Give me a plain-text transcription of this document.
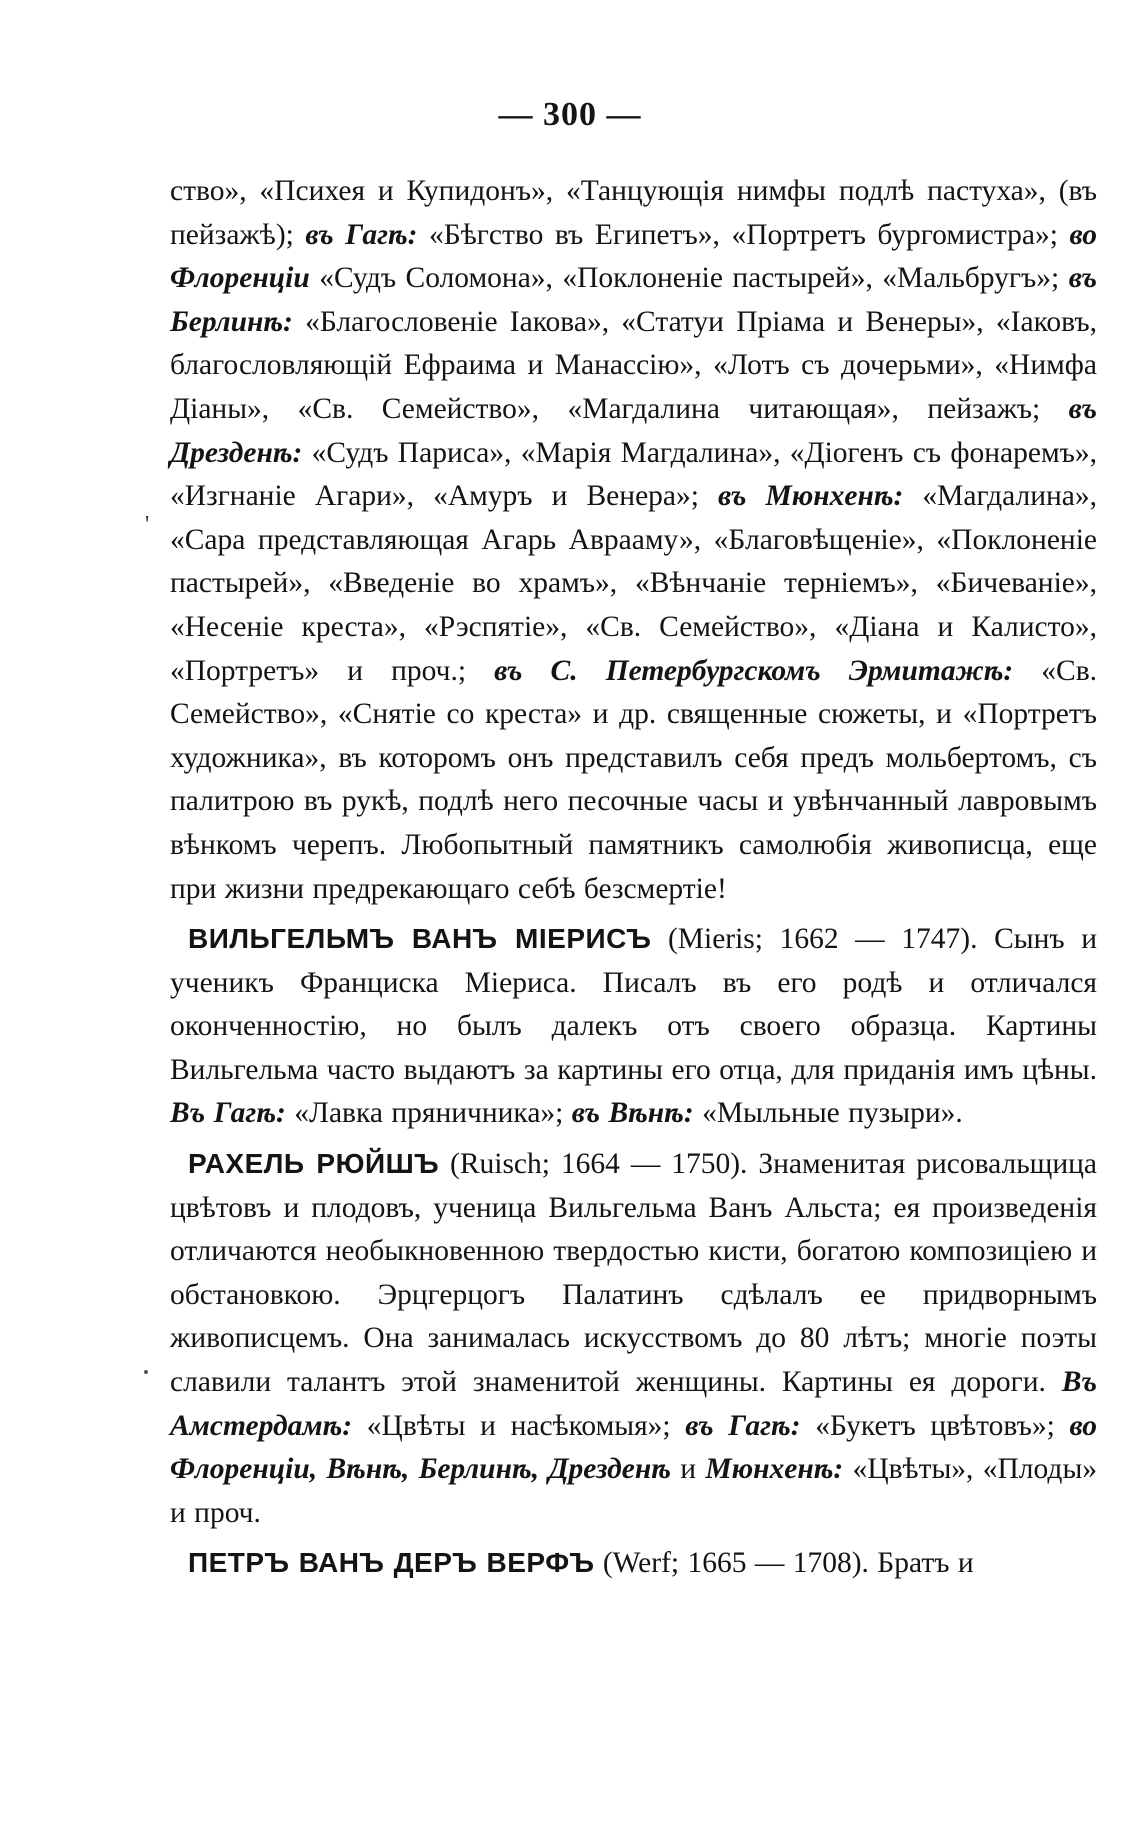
— 300 —
'

ство», «Психея и Купидонъ», «Танцующія нимфы подлѣ пастуха», (въ пейзажѣ); въ Гагѣ: «Бѣгство въ Египетъ», «Портретъ бургомистра»; во Флоренціи «Судъ Соломона», «Поклоненіе пастырей», «Мальбругъ»; въ Берлинѣ: «Благословеніе Іакова», «Статуи Пріама и Венеры», «Іаковъ, благословляющій Ефраима и Манассію», «Лотъ съ дочерьми», «Нимфа Діаны», «Св. Семейство», «Магдалина читающая», пейзажъ; въ Дрезденѣ: «Судъ Париса», «Марія Магдалина», «Діогенъ съ фонаремъ», «Изгнаніе Агари», «Амуръ и Венера»; въ Мюнхенѣ: «Магдалина», «Сара представляющая Агарь Аврааму», «Благовѣщеніе», «Поклоненіе пастырей», «Введеніе во храмъ», «Вѣнчаніе терніемъ», «Бичеваніе», «Несеніе креста», «Рэспятіе», «Св. Семейство», «Діана и Калисто», «Портретъ» и проч.; въ С. Петербургскомъ Эрмитажѣ: «Св. Семейство», «Снятіе со креста» и др. священные сюжеты, и «Портретъ художника», въ которомъ онъ представилъ себя предъ мольбертомъ, съ палитрою въ рукѣ, подлѣ него песочные часы и увѣнчанный лавровымъ вѣнкомъ черепъ. Любопытный памятникъ самолюбія живописца, еще при жизни предрекающаго себѣ безсмертіе!

ВИЛЬГЕЛЬМЪ ВАНЪ МІЕРИСЪ (Mieris; 1662 — 1747). Сынъ и ученикъ Франциска Міериса. Писалъ въ его родѣ и отличался оконченностію, но былъ далекъ отъ своего образца. Картины Вильгельма часто выдаютъ за картины его отца, для приданія имъ цѣны. Въ Гагѣ: «Лавка пряничника»; въ Вѣнѣ: «Мыльные пузыри».

РАХЕЛЬ РЮЙШЪ (Ruisch; 1664 — 1750). Знаменитая рисовальщица цвѣтовъ и плодовъ, ученица Вильгельма Ванъ Альста; ея произведенія отличаются необыкновенною твердостью кисти, богатою композиціею и обстановкою. Эрцгерцогъ Палатинъ сдѣлалъ ее придворнымъ живописцемъ. Она занималась искусствомъ до 80 лѣтъ; многіе поэты славили талантъ этой знаменитой женщины. Картины ея дороги. Въ Амстердамѣ: «Цвѣты и насѣкомыя»; въ Гагѣ: «Букетъ цвѣтовъ»; во Флоренціи, Вѣнѣ, Берлинѣ, Дрезденѣ и Мюнхенѣ: «Цвѣты», «Плоды» и проч.

ПЕТРЪ ВАНЪ ДЕРЪ ВЕРФЪ (Werf; 1665 — 1708). Братъ и
